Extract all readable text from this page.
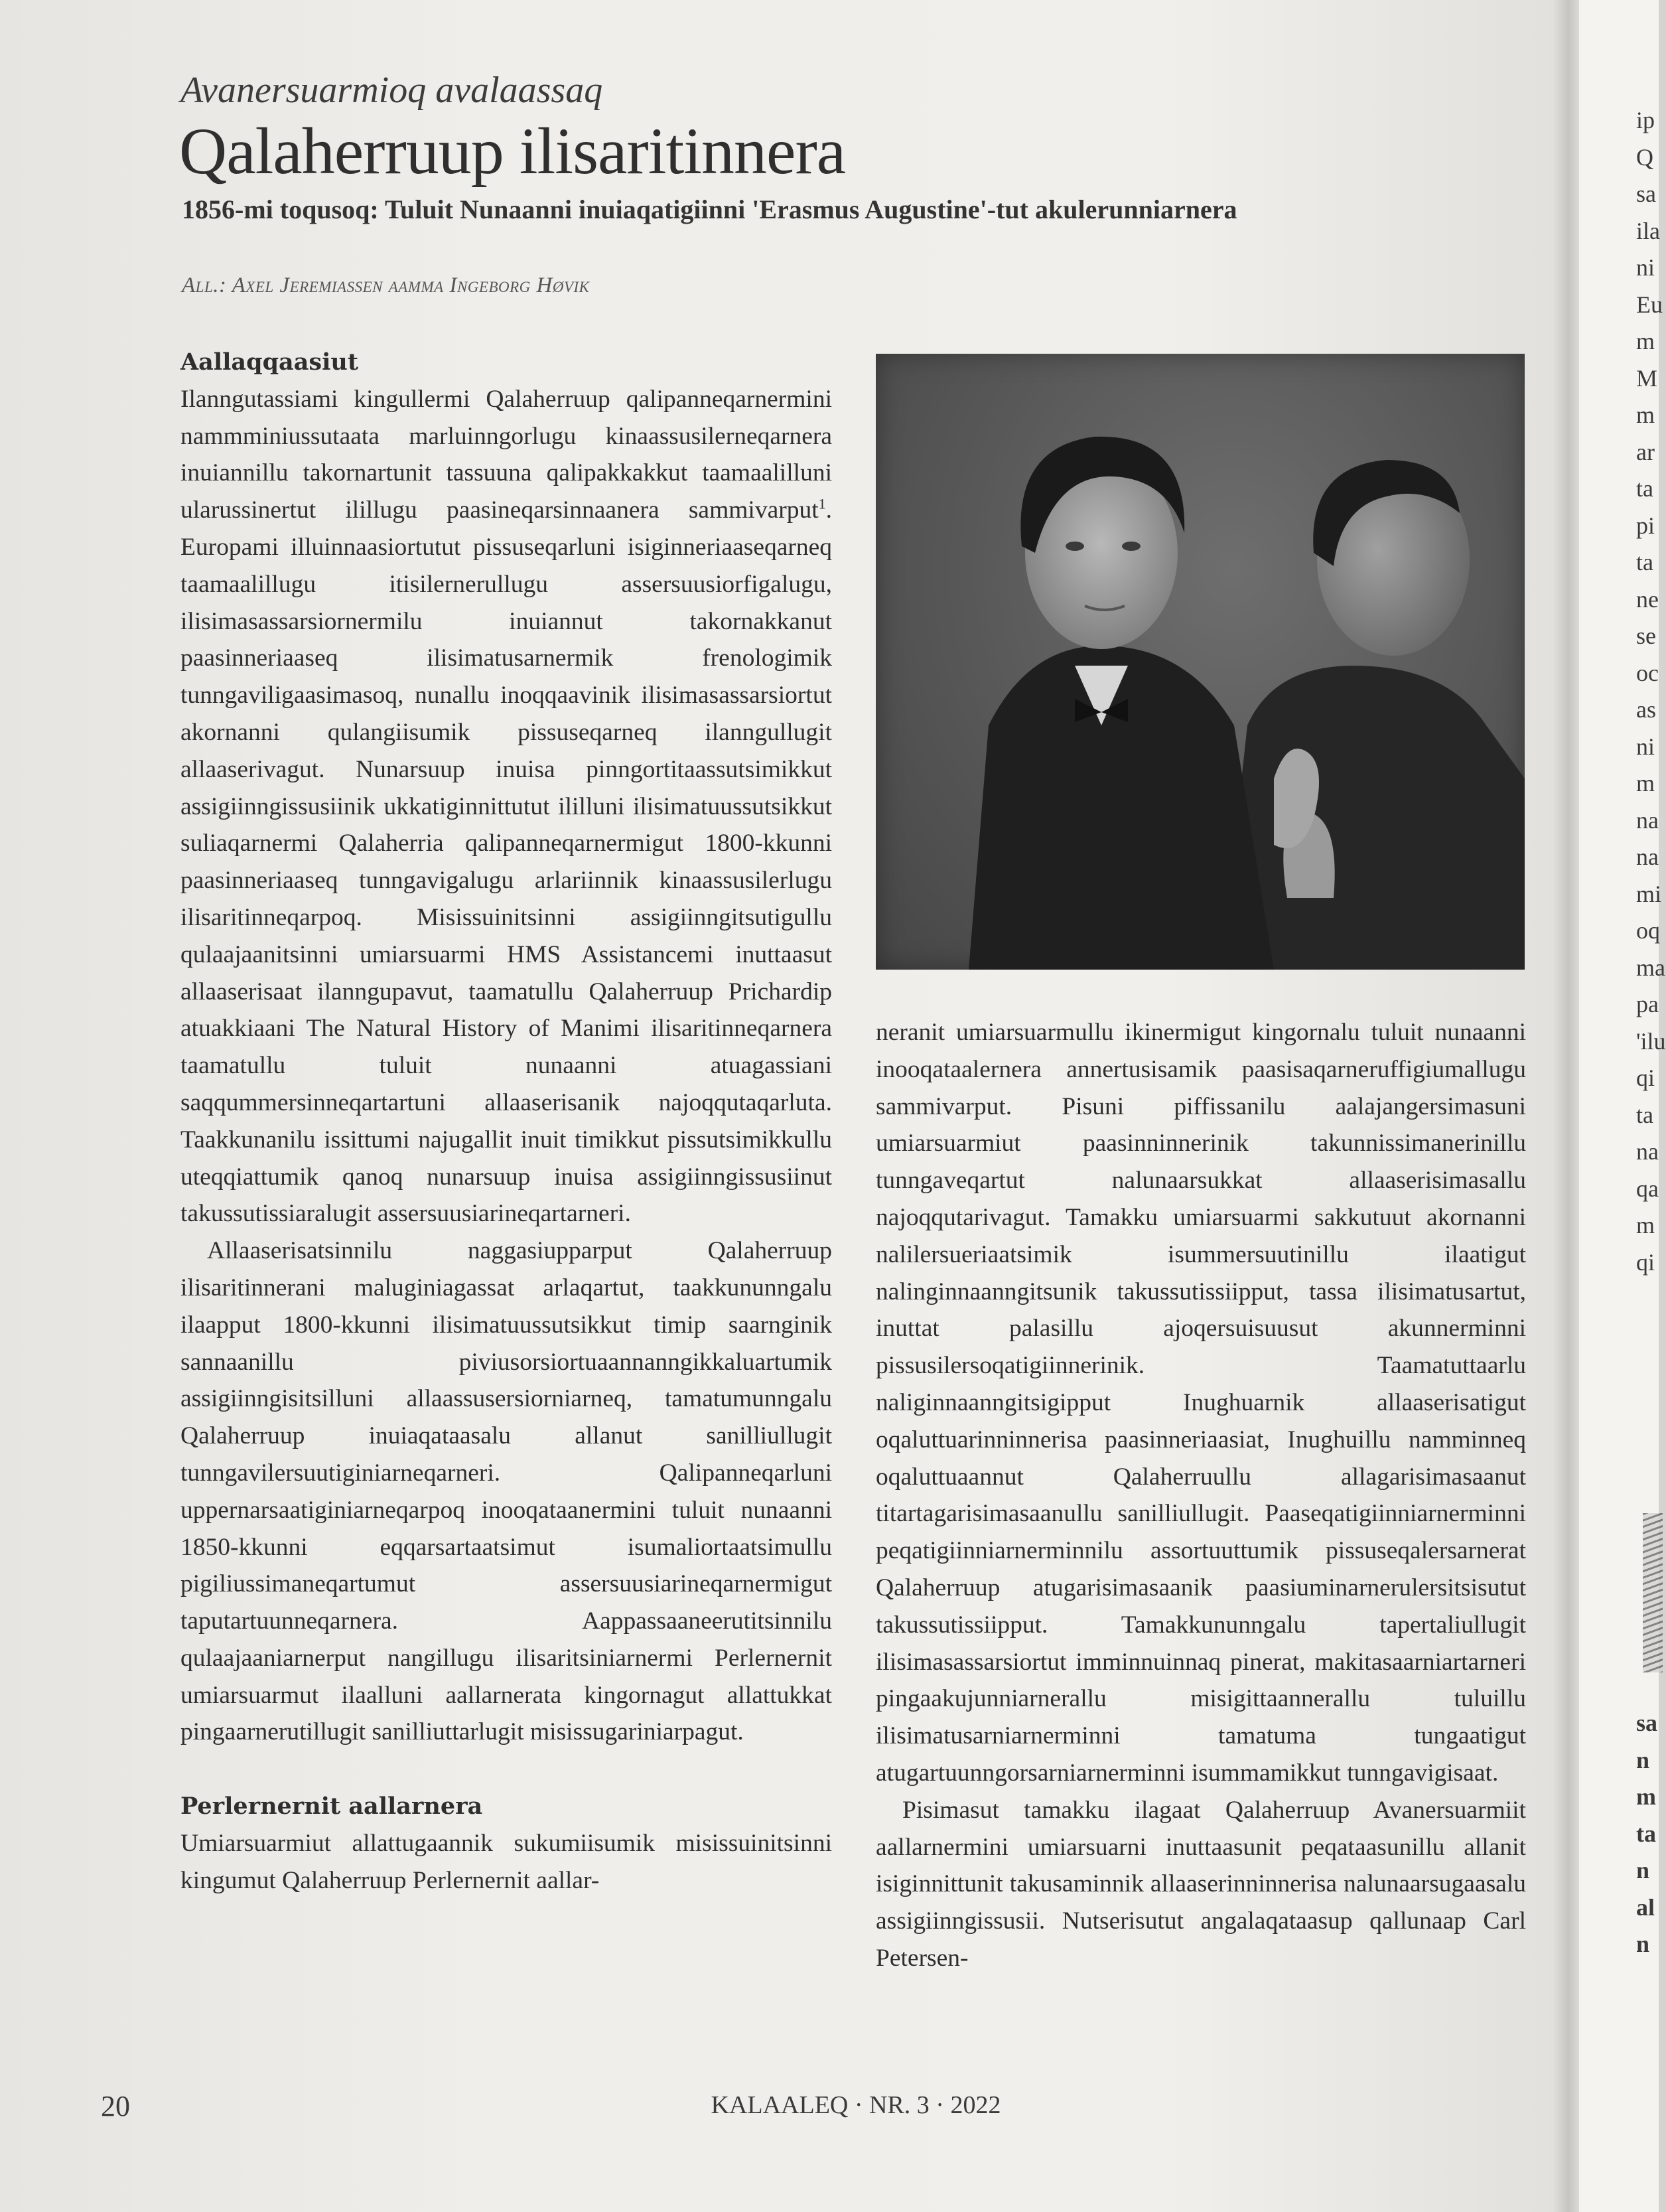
ip
Q
sa
ila
ni
Eu
m
M
m
ar
ta
pi
ta
ne
se
oc
as
ni
m
na
na
mi
oq
ma
pa
'ilu
qi
ta
na
qa
m
qi
sa
n
m
ta
n
al
n
Avanersuarmioq avalaassaq
Qalaherruup ilisaritinnera
1856-mi toqusoq: Tuluit Nunaanni inuiaqatigiinni 'Erasmus Augustine'-tut akulerunniarnera
All.: Axel Jeremiassen aamma Ingeborg Høvik

Aallaqqaasiut

Ilanngutassiami kingullermi Qalaherruup qalipanneqarnermini nammminiussutaata marluinngorlugu kinaassusilerneqarnera inuiannillu takornartunit tassuuna qalipakkakkut taamaalilluni ularussinertut ilillugu paasineqarsinnaanera sammivarput$^1$. Europami illuinnaasiortutut pissuseqarluni isiginneriaaseqarneq taamaalillugu itisilernerullugu assersuusiorfigalugu, ilisimasassarsiornermilu inuiannut takornakkanut paasinneriaaseq ilisimatusarnermik frenologimik tunngaviligaasimasoq, nunallu inoqqaavinik ilisimasassarsiortut akornanni qulangiisumik pissuseqarneq ilanngullugit allaaserivagut. Nunarsuup inuisa pinngortitaassutsimikkut assigiinngissusiinik ukkatiginnittutut ililluni ilisimatuussutsikkut suliaqarnermi Qalaherria qalipanneqarnermigut 1800-kkunni paasinneriaaseq tunngavigalugu arlariinnik kinaassusilerlugu ilisaritinneqarpoq. Misissuinitsinni assigiinngitsutigullu qulaajaanitsinni umiarsuarmi HMS Assistancemi inuttaasut allaaserisaat ilanngupavut, taamatullu Qalaherruup Prichardip atuakkiaani The Natural History of Manimi ilisaritinneqarnera taamatullu tuluit nunaanni atuagassiani saqqummersinneqartartuni allaaserisanik najoqqutaqarluta. Taakkunanilu issittumi najugallit inuit timikkut pissutsimikkullu uteqqiattumik qanoq nunarsuup inuisa assigiinngissusiinut takussutissiaralugit assersuusiarineqartarneri.

Allaaserisatsinnilu naggasiupparput Qalaherruup ilisaritinnerani maluginiagassat arlaqartut, taakkununngalu ilaapput 1800-kkunni ilisimatuussutsikkut timip saarnginik sannaanillu piviusorsiortuaannanngikkaluartumik assigiinngisitsilluni allaassusersiorniarneq, tamatumunngalu Qalaherruup inuiaqataasalu allanut sanilliullugit tunngavilersuutiginiarneqarneri. Qalipanneqarluni uppernarsaatiginiarneqarpoq inooqataanermini tuluit nunaanni 1850-kkunni eqqarsartaatsimut isumaliortaatsimullu pigiliussimaneqartumut assersuusiarineqarnermigut taputartuunneqarnera. Aappassaaneerutitsinnilu qulaajaaniarnerput nangillugu ilisaritsiniarnermi Perlernernit umiarsuarmut ilaalluni aallarnerata kingornagut allattukkat pingaarnerutillugit sanilliuttarlugit misissugariniarpagut.

Perlernernit aallarnera

Umiarsuarmiut allattugaannik sukumiisumik misissuinitsinni kingumut Qalaherruup Perlernernit aallar-

neranit umiarsuarmullu ikinermigut kingornalu tuluit nunaanni inooqataalernera annertusisamik paasisaqarneruffigiumallugu sammivarput. Pisuni piffissanilu aalajangersimasuni umiarsuarmiut paasinninnerinik takunnissimanerinillu tunngaveqartut nalunaarsukkat allaaserisimasallu najoqqutarivagut. Tamakku umiarsuarmi sakkutuut akornanni nalilersueriaatsimik isummersuutinillu ilaatigut nalinginnaanngitsunik takussutissiipput, tassa ilisimatusartut, inuttat palasillu ajoqersuisuusut akunnerminni pissusilersoqatigiinnerinik. Taamatuttaarlu naliginnaanngitsigipput Inughuarnik allaaserisatigut oqaluttuarinninnerisa paasinneriaasiat, Inughuillu namminneq oqaluttuaannut Qalaherruullu allagarisimasaanut titartagarisimasaanullu sanilliullugit. Paaseqatigiinniarnerminni peqatigiinniarnerminnilu assortuuttumik pissuseqalersarnerat Qalaherruup atugarisimasaanik paasiuminarnerulersitsisutut takussutissiipput. Tamakkununngalu tapertaliullugit ilisimasassarsiortut imminnuinnaq pinerat, makitasaarniartarneri pingaakujunniarnerallu misigittaannerallu tuluillu ilisimatusarniarnerminni tamatuma tungaatigut atugartuunngorsarniarnerminni isummamikkut tunngavigisaat.

Pisimasut tamakku ilagaat Qalaherruup Avanersuarmiit aallarnermini umiarsuarni inuttaasunit peqataasunillu allanit isiginnittunit takusaminnik allaaserinninnerisa nalunaarsugaasalu assigiinngissusii. Nutserisutut angalaqataasup qallunaap Carl Petersen-

20	KALAALEQ · NR. 3 · 2022
